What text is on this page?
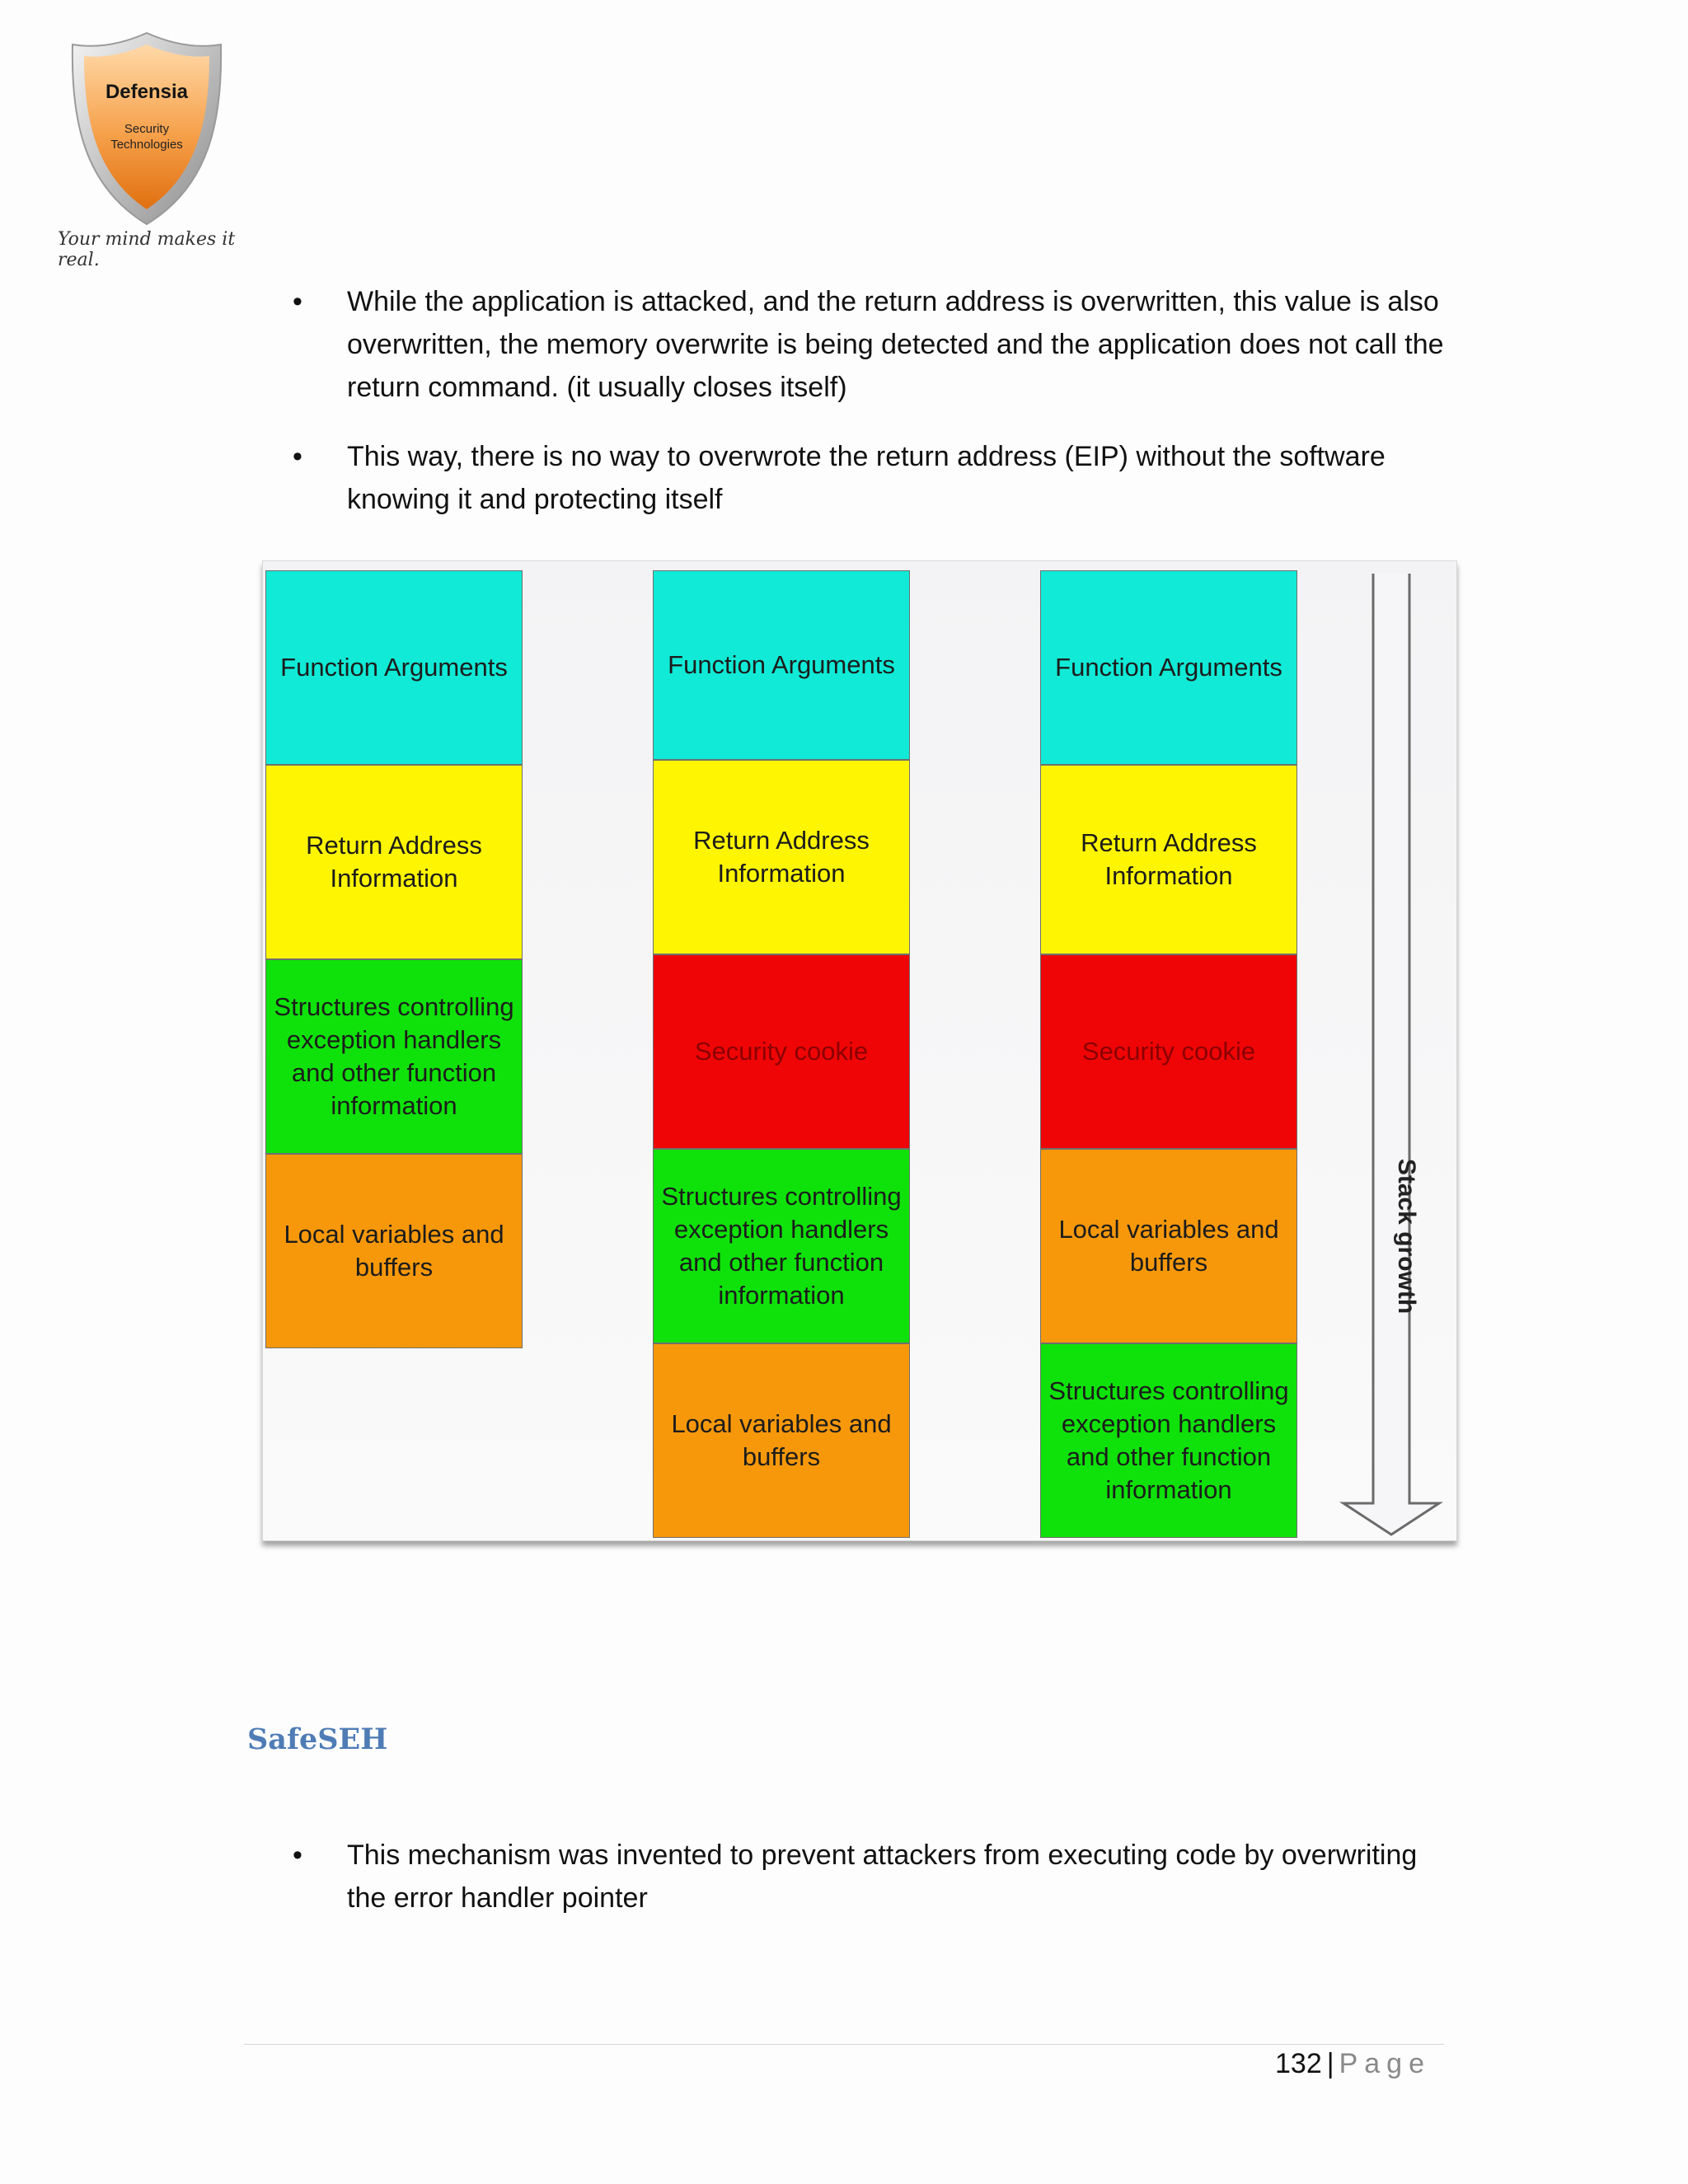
Defensia
Security
Technologies
Your mind makes it real.
• While the application is attacked, and the return address is overwritten, this value is also overwritten, the memory overwrite is being detected and the application does not call the return command. (it usually closes itself)
• This way, there is no way to overwrote the return address (EIP) without the software knowing it and protecting itself
Function Arguments
Return Address Information
Structures controlling exception handlers and other function information
Local variables and buffers
Function Arguments
Return Address Information
Security cookie
Structures controlling exception handlers and other function information
Local variables and buffers
Function Arguments
Return Address Information
Security cookie
Local variables and buffers
Structures controlling exception handlers and other function information
Stack growth
SafeSEH
• This mechanism was invented to prevent attackers from executing code by overwriting the error handler pointer
132 | Page
